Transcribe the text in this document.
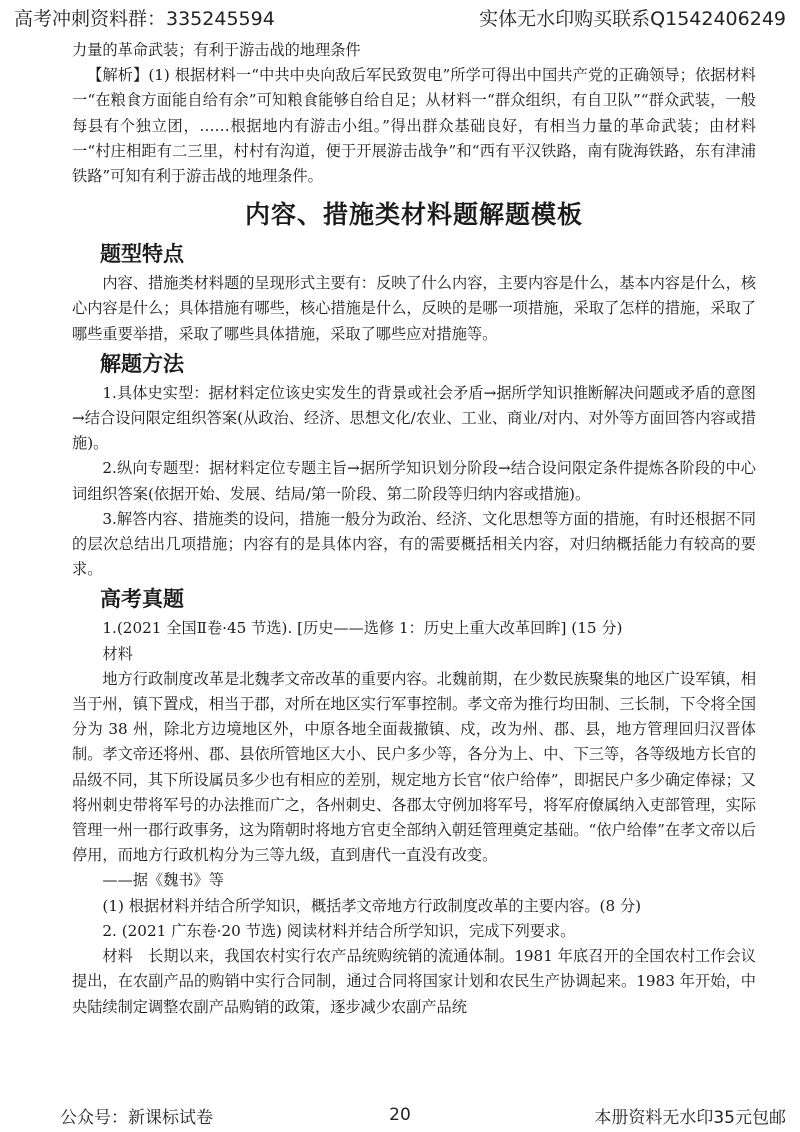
高考冲刺资料群：335245594	实体无水印购买联系Q1542406249

力量的革命武装；有利于游击战的地理条件

【解析】(1) 根据材料一“中共中央向敌后军民致贺电”所学可得出中国共产党的正确领导；依据材料一“在粮食方面能自给有余”可知粮食能够自给自足；从材料一“群众组织，有自卫队”“群众武装，一般每县有个独立团，……根据地内有游击小组。”得出群众基础良好，有相当力量的革命武装；由材料一“村庄相距有二三里，村村有沟道，便于开展游击战争”和“西有平汉铁路，南有陇海铁路，东有津浦铁路”可知有利于游击战的地理条件。

内容、措施类材料题解题模板
题型特点

内容、措施类材料题的呈现形式主要有：反映了什么内容，主要内容是什么，基本内容是什么，核心内容是什么；具体措施有哪些，核心措施是什么，反映的是哪一项措施，采取了怎样的措施，采取了哪些重要举措，采取了哪些具体措施，采取了哪些应对措施等。

解题方法

1.具体史实型：据材料定位该史实发生的背景或社会矛盾→据所学知识推断解决问题或矛盾的意图→结合设问限定组织答案(从政治、经济、思想文化/农业、工业、商业/对内、对外等方面回答内容或措施)。

2.纵向专题型：据材料定位专题主旨→据所学知识划分阶段→结合设问限定条件提炼各阶段的中心词组织答案(依据开始、发展、结局/第一阶段、第二阶段等归纳内容或措施)。

3.解答内容、措施类的设问，措施一般分为政治、经济、文化思想等方面的措施，有时还根据不同的层次总结出几项措施；内容有的是具体内容，有的需要概括相关内容，对归纳概括能力有较高的要求。

高考真题

1.(2021 全国Ⅱ卷·45 节选). [历史——选修 1：历史上重大改革回眸] (15 分)

材料

地方行政制度改革是北魏孝文帝改革的重要内容。北魏前期，在少数民族聚集的地区广设军镇，相当于州，镇下置戍，相当于郡，对所在地区实行军事控制。孝文帝为推行均田制、三长制，下令将全国分为 38 州，除北方边境地区外，中原各地全面裁撤镇、戍，改为州、郡、县，地方管理回归汉晋体制。孝文帝还将州、郡、县依所管地区大小、民户多少等，各分为上、中、下三等，各等级地方长官的品级不同，其下所设属员多少也有相应的差别，规定地方长官“依户给俸”，即据民户多少确定俸禄；又将州刺史带将军号的办法推而广之，各州刺史、各郡太守例加将军号，将军府僚属纳入吏部管理，实际管理一州一郡行政事务，这为隋朝时将地方官吏全部纳入朝廷管理奠定基础。“依户给俸”在孝文帝以后停用，而地方行政机构分为三等九级，直到唐代一直没有改变。

——据《魏书》等

(1) 根据材料并结合所学知识，概括孝文帝地方行政制度改革的主要内容。(8 分)

2. (2021 广东卷·20 节选) 阅读材料并结合所学知识，完成下列要求。

材料　长期以来，我国农村实行农产品统购统销的流通体制。1981 年底召开的全国农村工作会议提出，在农副产品的购销中实行合同制，通过合同将国家计划和农民生产协调起来。1983 年开始，中央陆续制定调整农副产品购销的政策，逐步减少农副产品统

公众号：新课标试卷	20	本册资料无水印35元包邮
